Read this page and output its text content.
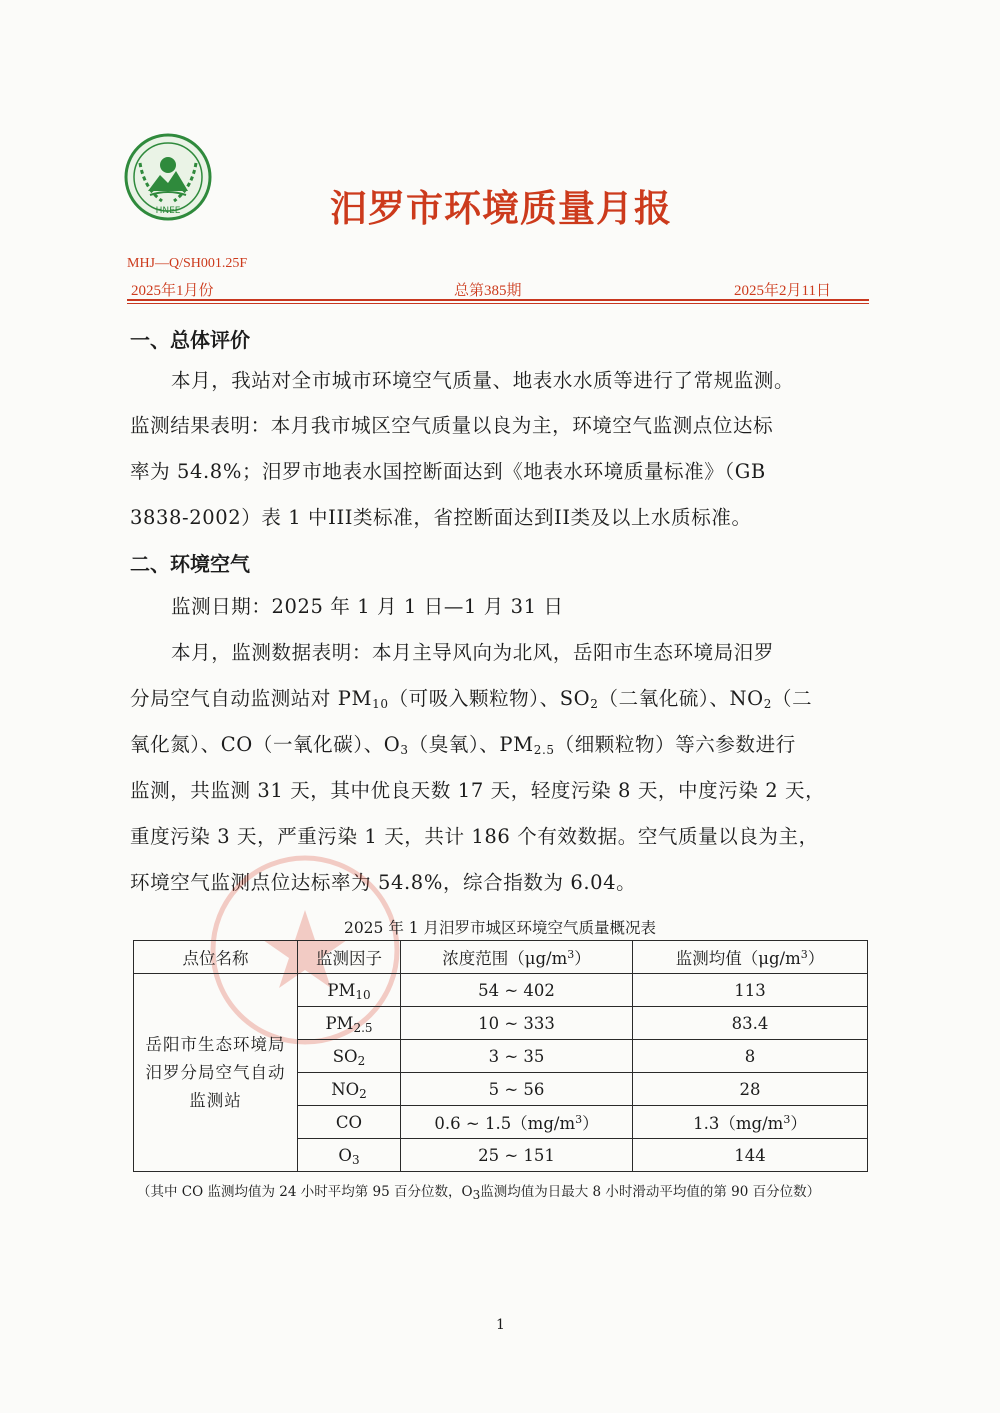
HNEE	汨罗市环境质量月报
MHJ—Q/SH001.25F
2025年1月份	总第385期	2025年2月11日
一、总体评价
本月，我站对全市城市环境空气质量、地表水水质等进行了常规监测。
监测结果表明：本月我市城区空气质量以良为主，环境空气监测点位达标
率为 54.8%；汨罗市地表水国控断面达到《地表水环境质量标准》（GB
3838-2002）表 1 中III类标准，省控断面达到II类及以上水质标准。
二、环境空气
监测日期：2025 年 1 月 1 日—1 月 31 日
本月，监测数据表明：本月主导风向为北风，岳阳市生态环境局汨罗
分局空气自动监测站对 $PM_{10}$（可吸入颗粒物）、$SO_2$（二氧化硫）、$NO_2$（二
氧化氮）、CO（一氧化碳）、$O_3$（臭氧）、$PM_{2.5}$（细颗粒物）等六参数进行
监测，共监测 31 天，其中优良天数 17 天，轻度污染 8 天，中度污染 2 天，
重度污染 3 天，严重污染 1 天，共计 186 个有效数据。空气质量以良为主，
环境空气监测点位达标率为 54.8%，综合指数为 6.04。
2025 年 1 月汨罗市城区环境空气质量概况表
点位名称	监测因子	浓度范围$(\mu g/m^3)$	监测均值$(\mu g/m^3)$
岳阳市生态环境局汨罗分局空气自动监测站	$PM_{10}$	54 ~ 402	113
	$PM_{2.5}$	10 ~ 333	83.4
	$SO_2$	3 ~ 35	8
	$NO_2$	5 ~ 56	28
	CO	0.6 ~ $1.5(mg/m^3)$	$1.3(mg/m^3)$
	$O_3$	25 ~ 151	144
（其中 CO 监测均值为 24 小时平均第 95 百分位数，$O_3$监测均值为日最大 8 小时滑动平均值的第 90 百分位数）
1
